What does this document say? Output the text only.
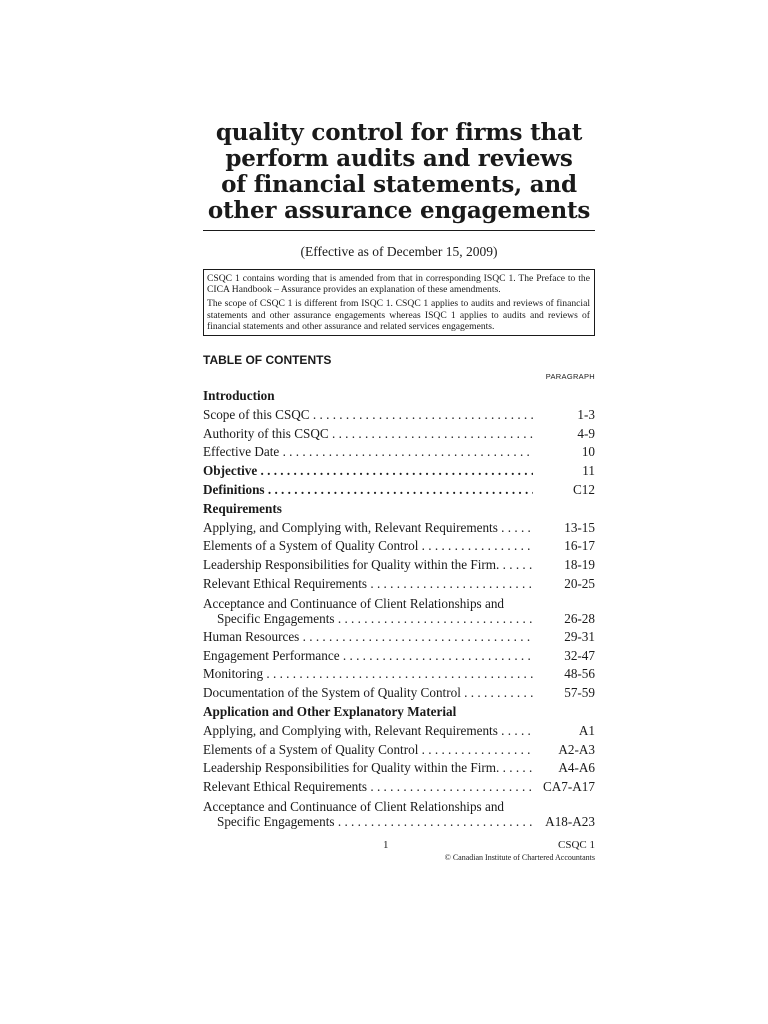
quality control for firms that
perform audits and reviews
of financial statements, and
other assurance engagements
(Effective as of December 15, 2009)

CSQC 1 contains wording that is amended from that in corresponding ISQC 1. The Preface to the CICA Handbook – Assurance provides an explanation of these amendments.

The scope of CSQC 1 is different from ISQC 1. CSQC 1 applies to audits and reviews of financial statements and other assurance engagements whereas ISQC 1 applies to audits and reviews of financial statements and other assurance and related services engagements.

TABLE OF CONTENTS
PARAGRAPH
Introduction
Scope of this CSQC . . .	1-3
Authority of this CSQC . . .	4-9
Effective Date . . .	10
Objective . . .	11
Definitions . . .	C12
Requirements
Applying, and Complying with, Relevant Requirements . . .	13-15
Elements of a System of Quality Control . . .	16-17
Leadership Responsibilities for Quality within the Firm. . . .	18-19
Relevant Ethical Requirements . . .	20-25
Acceptance and Continuance of Client Relationships and
Specific Engagements . . .	26-28
Human Resources . . .	29-31
Engagement Performance . . .	32-47
Monitoring . . .	48-56
Documentation of the System of Quality Control . . .	57-59
Application and Other Explanatory Material
Applying, and Complying with, Relevant Requirements . . .	A1
Elements of a System of Quality Control . . .	A2-A3
Leadership Responsibilities for Quality within the Firm. . . .	A4-A6
Relevant Ethical Requirements . . .	CA7-A17
Acceptance and Continuance of Client Relationships and
Specific Engagements . . .	A18-A23
1	CSQC 1
© Canadian Institute of Chartered Accountants
